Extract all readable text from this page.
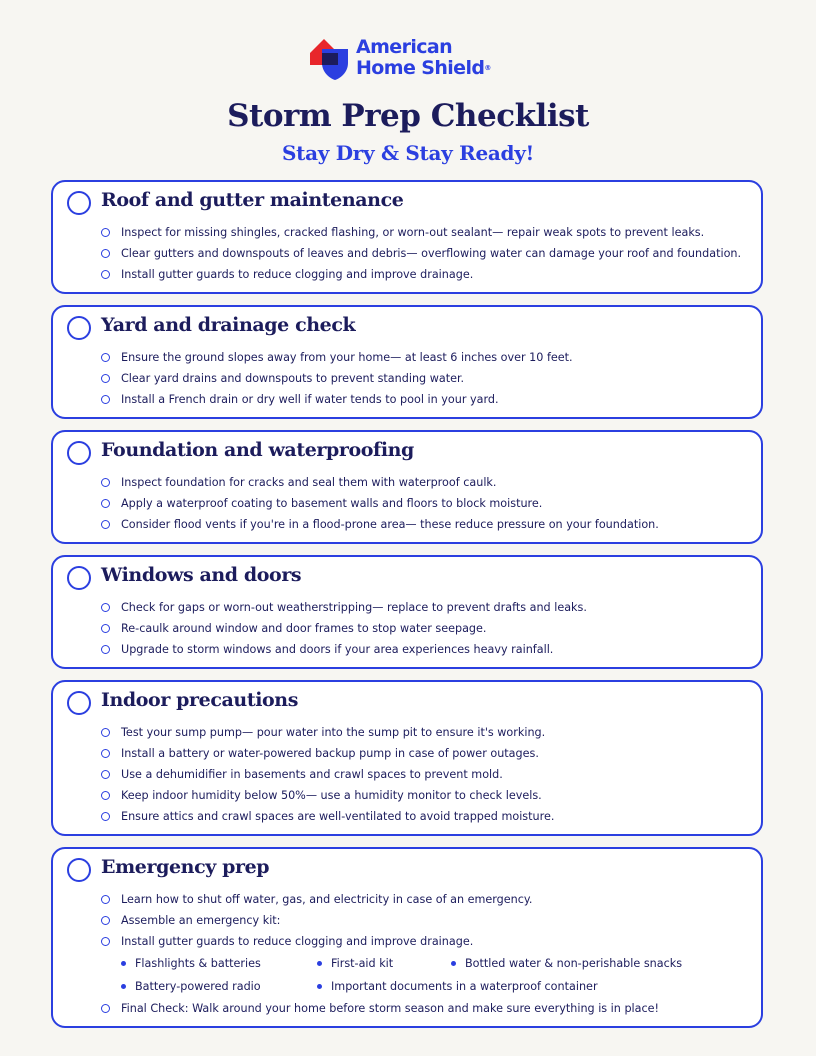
American
Home Shield®
Storm Prep Checklist
Stay Dry & Stay Ready!
Roof and gutter maintenance
Inspect for missing shingles, cracked flashing, or worn-out sealant— repair weak spots to prevent leaks.
Clear gutters and downspouts of leaves and debris— overflowing water can damage your roof and foundation.
Install gutter guards to reduce clogging and improve drainage.
Yard and drainage check
Ensure the ground slopes away from your home— at least 6 inches over 10 feet.
Clear yard drains and downspouts to prevent standing water.
Install a French drain or dry well if water tends to pool in your yard.
Foundation and waterproofing
Inspect foundation for cracks and seal them with waterproof caulk.
Apply a waterproof coating to basement walls and floors to block moisture.
Consider flood vents if you're in a flood-prone area— these reduce pressure on your foundation.
Windows and doors
Check for gaps or worn-out weatherstripping— replace to prevent drafts and leaks.
Re-caulk around window and door frames to stop water seepage.
Upgrade to storm windows and doors if your area experiences heavy rainfall.
Indoor precautions
Test your sump pump— pour water into the sump pit to ensure it's working.
Install a battery or water-powered backup pump in case of power outages.
Use a dehumidifier in basements and crawl spaces to prevent mold.
Keep indoor humidity below 50%— use a humidity monitor to check levels.
Ensure attics and crawl spaces are well-ventilated to avoid trapped moisture.
Emergency prep
Learn how to shut off water, gas, and electricity in case of an emergency.
Assemble an emergency kit:
Install gutter guards to reduce clogging and improve drainage.
Flashlights & batteries	First-aid kit	Bottled water & non-perishable snacks
Battery-powered radio	Important documents in a waterproof container
Final Check: Walk around your home before storm season and make sure everything is in place!
